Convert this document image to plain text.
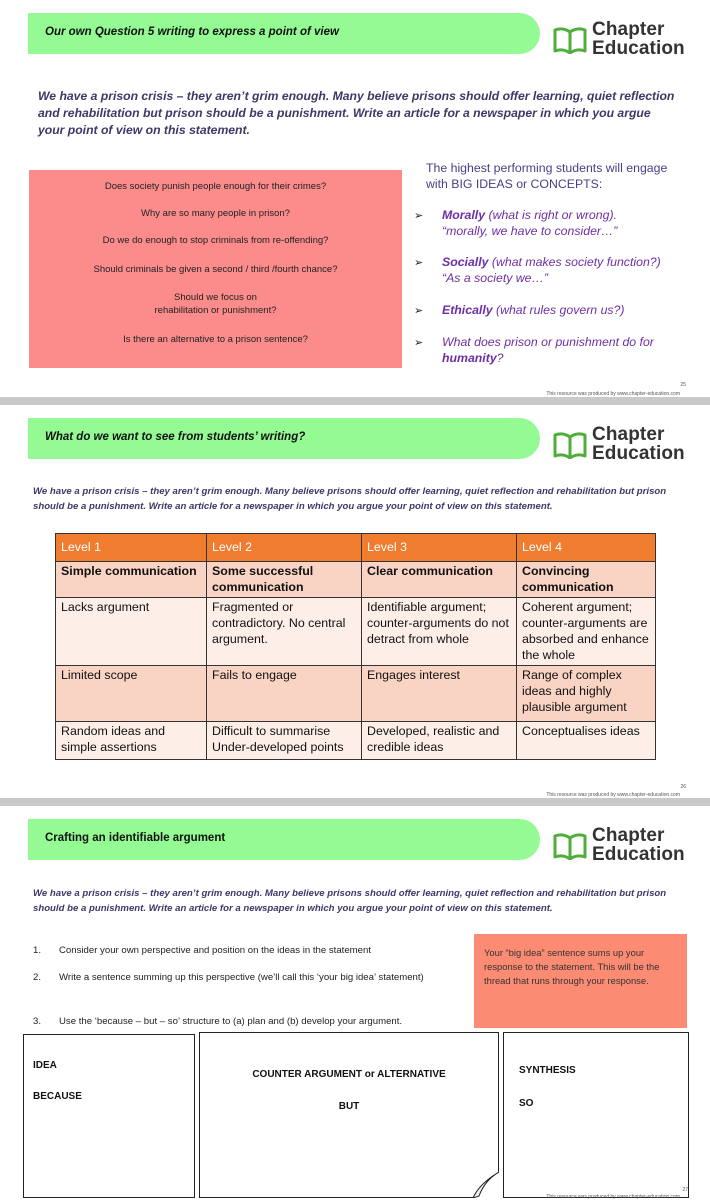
Our own Question 5 writing to express a point of view	Chapter
Education
We have a prison crisis – they aren’t grim enough. Many believe prisons should offer learning, quiet reflection and rehabilitation but prison should be a punishment. Write an article for a newspaper in which you argue your point of view on this statement.
Does society punish people enough for their crimes?
Why are so many people in prison?
Do we do enough to stop criminals from re-offending?
Should criminals be given a second / third /fourth chance?
Should we focus on
rehabilitation or punishment?
Is there an alternative to a prison sentence?
The highest performing students will engage with BIG IDEAS or CONCEPTS:
➢ Morally (what is right or wrong).
“morally, we have to consider…”
➢ Socially (what makes society function?)
“As a society we…”
➢ Ethically (what rules govern us?)
➢ What does prison or punishment do for
humanity?
This resource was produced by www.chapter-education.com
25
What do we want to see from students’ writing?	Chapter
Education
We have a prison crisis – they aren’t grim enough. Many believe prisons should offer learning, quiet reflection and rehabilitation but prison should be a punishment. Write an article for a newspaper in which you argue your point of view on this statement.
Level 1	Level 2	Level 3	Level 4
Simple communication	Some successful communication	Clear communication	Convincing communication
Lacks argument	Fragmented or contradictory. No central argument.	Identifiable argument; counter-arguments do not detract from whole	Coherent argument; counter-arguments are absorbed and enhance the whole
Limited scope	Fails to engage	Engages interest	Range of complex ideas and highly plausible argument
Random ideas and simple assertions	Difficult to summarise Under-developed points	Developed, realistic and credible ideas	Conceptualises ideas
This resource was produced by www.chapter-education.com
26
Crafting an identifiable argument	Chapter
Education
We have a prison crisis – they aren’t grim enough. Many believe prisons should offer learning, quiet reflection and rehabilitation but prison should be a punishment. Write an article for a newspaper in which you argue your point of view on this statement.
1. Consider your own perspective and position on the ideas in the statement
2. Write a sentence summing up this perspective (we’ll call this ‘your big idea’ statement)
3. Use the ‘because – but – so’ structure to (a) plan and (b) develop your argument.
Your “big idea” sentence sums up your response to the statement. This will be the thread that runs through your response.
IDEA
BECAUSE
COUNTER ARGUMENT or ALTERNATIVE
BUT
SYNTHESIS
SO
This resource was produced by www.chapter-education.com
27
